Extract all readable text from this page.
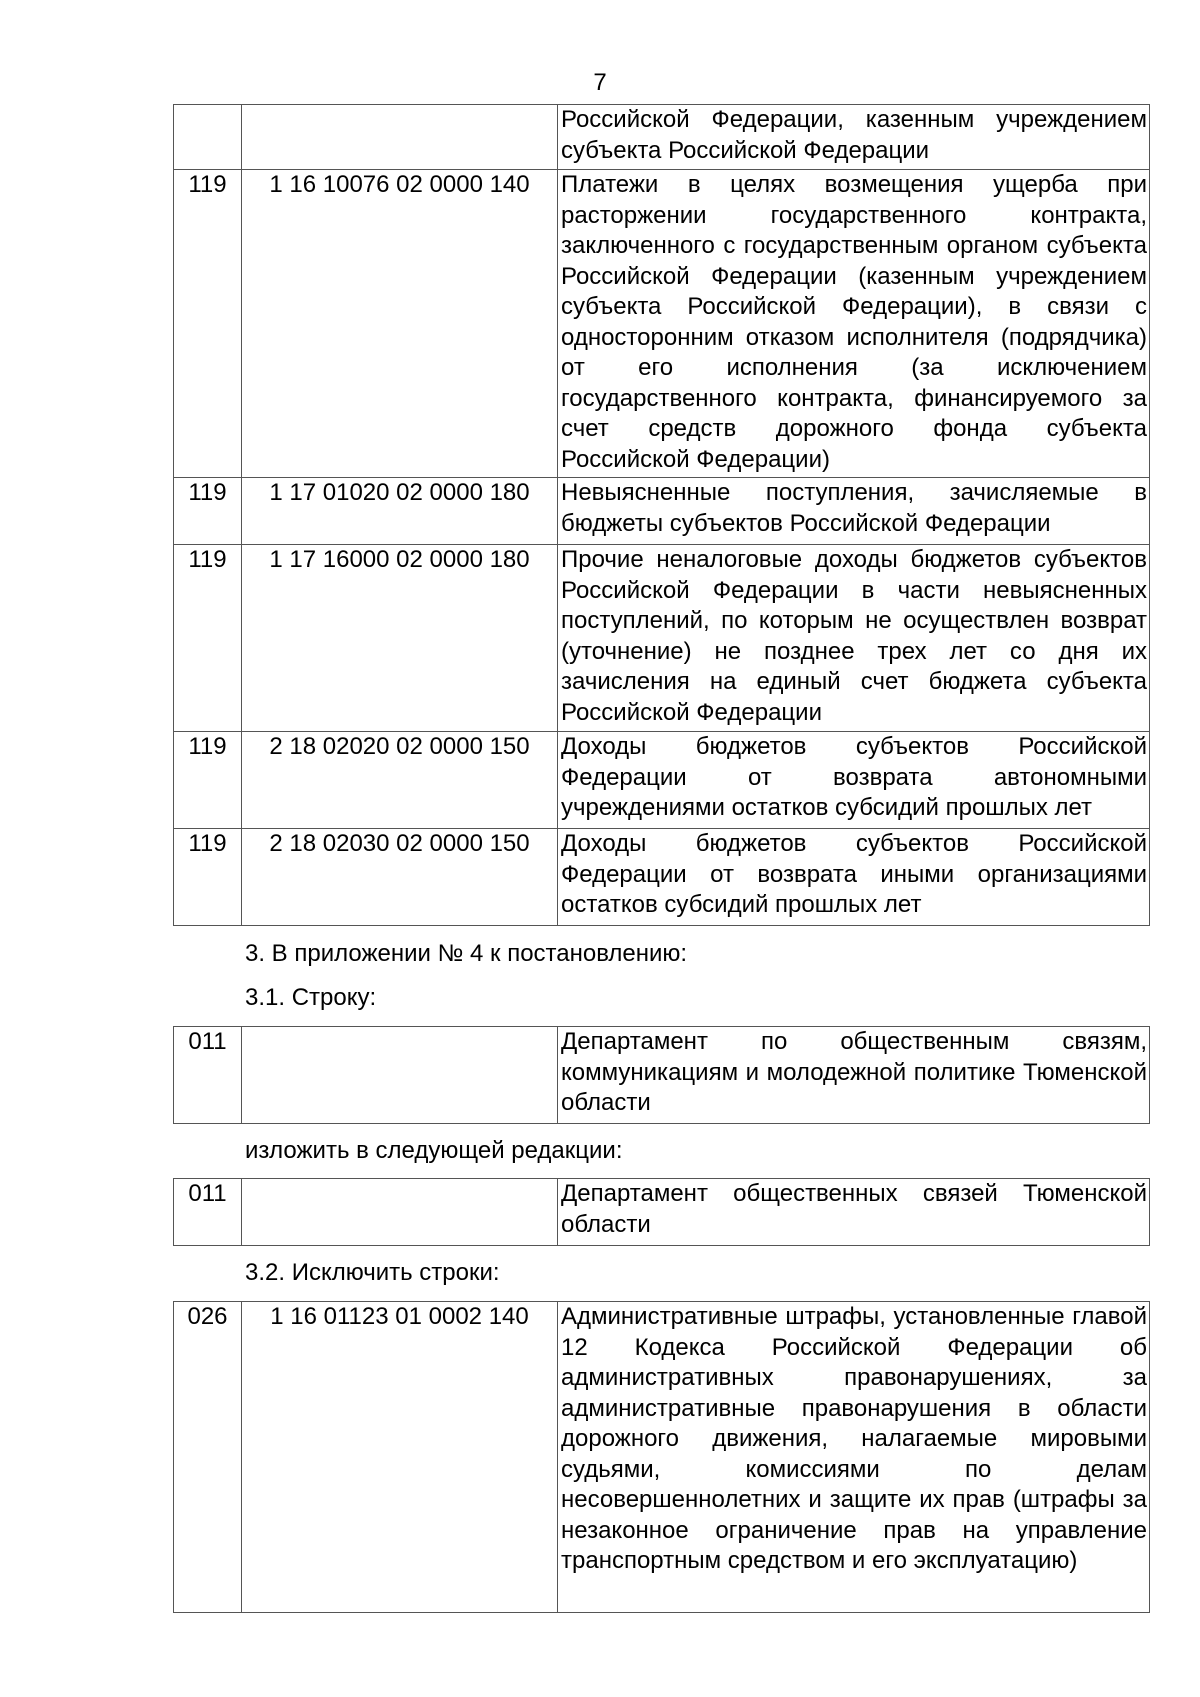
7
		Российской Федерации, казенным учреждением субъекта Российской Федерации
119	1 16 10076 02 0000 140	Платежи в целях возмещения ущерба при расторжении государственного контракта, заключенного с государственным органом субъекта Российской Федерации (казенным учреждением субъекта Российской Федерации), в связи с односторонним отказом исполнителя (подрядчика) от его исполнения (за исключением государственного контракта, финансируемого за счет средств дорожного фонда субъекта Российской Федерации)
119	1 17 01020 02 0000 180	Невыясненные поступления, зачисляемые в бюджеты субъектов Российской Федерации
119	1 17 16000 02 0000 180	Прочие неналоговые доходы бюджетов субъектов Российской Федерации в части невыясненных поступлений, по которым не осуществлен возврат (уточнение) не позднее трех лет со дня их зачисления на единый счет бюджета субъекта Российской Федерации
119	2 18 02020 02 0000 150	Доходы бюджетов субъектов Российской Федерации от возврата автономными учреждениями остатков субсидий прошлых лет
119	2 18 02030 02 0000 150	Доходы бюджетов субъектов Российской Федерации от возврата иными организациями остатков субсидий прошлых лет
3. В приложении № 4 к постановлению:
3.1. Строку:
011		Департамент по общественным связям, коммуникациям и молодежной политике Тюменской области
изложить в следующей редакции:
011		Департамент общественных связей Тюменской области
3.2. Исключить строки:
026	1 16 01123 01 0002 140	Административные штрафы, установленные главой 12 Кодекса Российской Федерации об административных правонарушениях, за административные правонарушения в области дорожного движения, налагаемые мировыми судьями, комиссиями по делам несовершеннолетних и защите их прав (штрафы за незаконное ограничение прав на управление транспортным средством и его эксплуатацию)
